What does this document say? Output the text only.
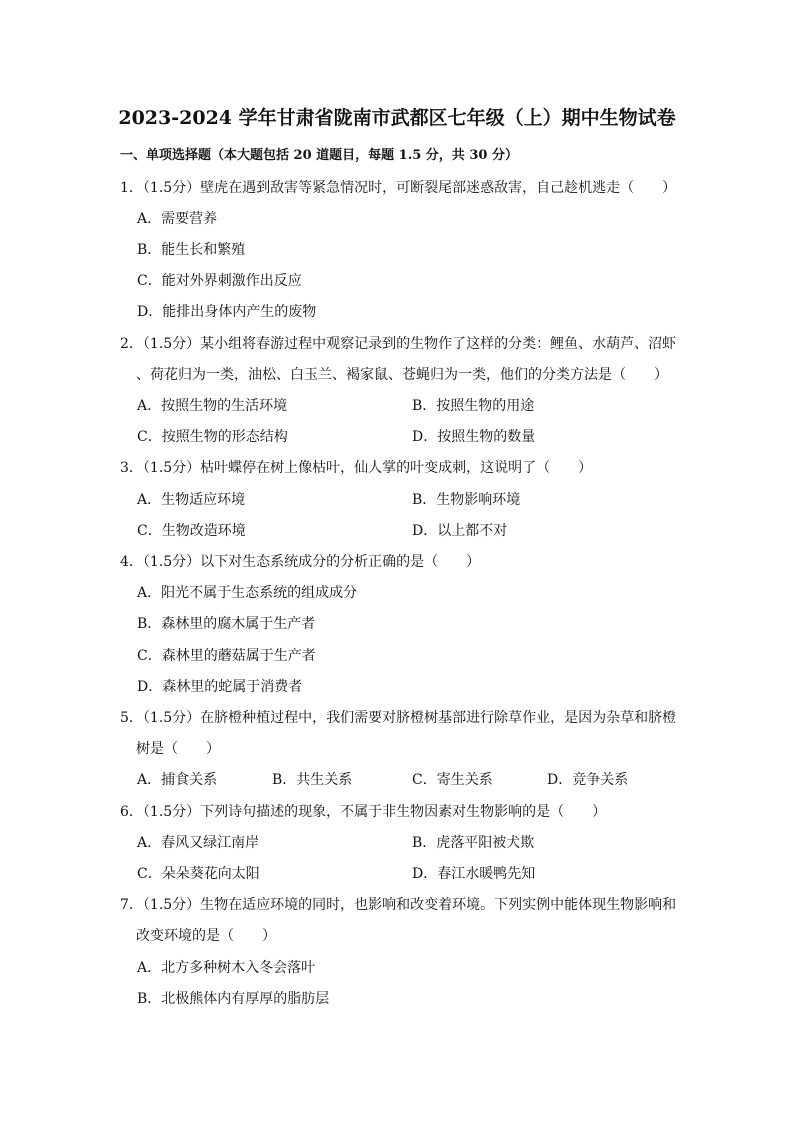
2023-2024 学年甘肃省陇南市武都区七年级（上）期中生物试卷
一、单项选择题（本大题包括 20 道题目，每题 1.5 分，共 30 分）
1．（1.5分）壁虎在遇到敌害等紧急情况时，可断裂尾部迷惑敌害，自己趁机逃走（　　）
A．需要营养
B．能生长和繁殖
C．能对外界刺激作出反应
D．能排出身体内产生的废物
2．（1.5分）某小组将春游过程中观察记录到的生物作了这样的分类：鲤鱼、水葫芦、沼虾
、荷花归为一类，油松、白玉兰、褐家鼠、苍蝇归为一类，他们的分类方法是（　　）
A．按照生物的生活环境	B．按照生物的用途
C．按照生物的形态结构	D．按照生物的数量
3．（1.5分）枯叶蝶停在树上像枯叶，仙人掌的叶变成刺，这说明了（　　）
A．生物适应环境	B．生物影响环境
C．生物改造环境	D．以上都不对
4．（1.5分）以下对生态系统成分的分析正确的是（　　）
A．阳光不属于生态系统的组成成分
B．森林里的腐木属于生产者
C．森林里的蘑菇属于生产者
D．森林里的蛇属于消费者
5．（1.5分）在脐橙种植过程中，我们需要对脐橙树基部进行除草作业，是因为杂草和脐橙
树是（　　）
A．捕食关系	B．共生关系	C．寄生关系	D．竞争关系
6．（1.5分）下列诗句描述的现象，不属于非生物因素对生物影响的是（　　）
A．春风又绿江南岸	B．虎落平阳被犬欺
C．朵朵葵花向太阳	D．春江水暖鸭先知
7．（1.5分）生物在适应环境的同时，也影响和改变着环境。下列实例中能体现生物影响和
改变环境的是（　　）
A．北方多种树木入冬会落叶
B．北极熊体内有厚厚的脂肪层
